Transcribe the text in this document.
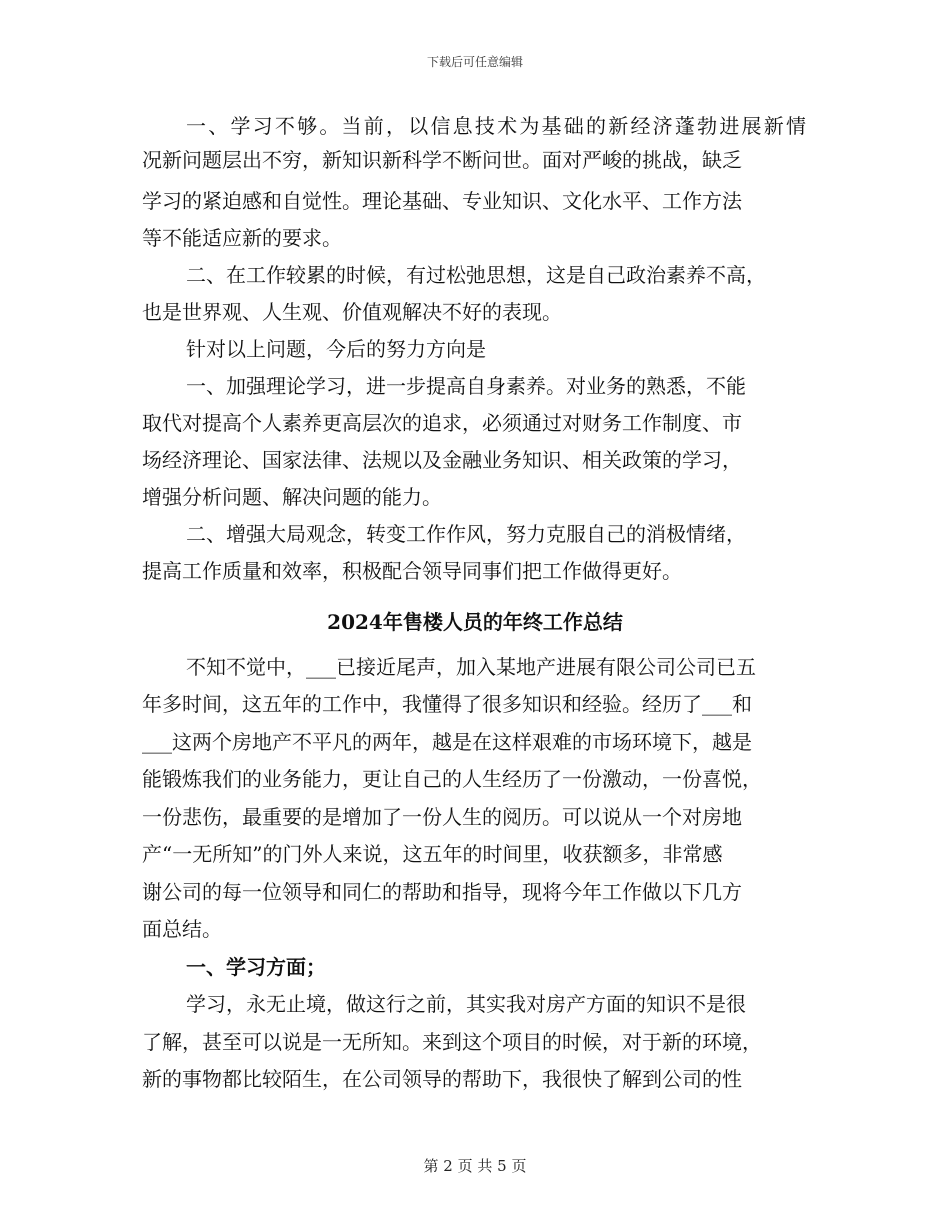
下载后可任意编辑
一、学习不够。当前，以信息技术为基础的新经济蓬勃进展新情
况新问题层出不穷，新知识新科学不断问世。面对严峻的挑战，缺乏
学习的紧迫感和自觉性。理论基础、专业知识、文化水平、工作方法
等不能适应新的要求。
二、在工作较累的时候，有过松弛思想，这是自己政治素养不高，
也是世界观、人生观、价值观解决不好的表现。
针对以上问题，今后的努力方向是
一、加强理论学习，进一步提高自身素养。对业务的熟悉，不能
取代对提高个人素养更高层次的追求，必须通过对财务工作制度、市
场经济理论、国家法律、法规以及金融业务知识、相关政策的学习，
增强分析问题、解决问题的能力。
二、增强大局观念，转变工作作风，努力克服自己的消极情绪，
提高工作质量和效率，积极配合领导同事们把工作做得更好。
2024年售楼人员的年终工作总结
不知不觉中，___已接近尾声，加入某地产进展有限公司公司已五
年多时间，这五年的工作中，我懂得了很多知识和经验。经历了___和
___这两个房地产不平凡的两年，越是在这样艰难的市场环境下，越是
能锻炼我们的业务能力，更让自己的人生经历了一份激动，一份喜悦，
一份悲伤，最重要的是增加了一份人生的阅历。可以说从一个对房地
产“一无所知”的门外人来说，这五年的时间里，收获额多，非常感
谢公司的每一位领导和同仁的帮助和指导，现将今年工作做以下几方
面总结。
一、学习方面；
学习，永无止境，做这行之前，其实我对房产方面的知识不是很
了解，甚至可以说是一无所知。来到这个项目的时候，对于新的环境，
新的事物都比较陌生，在公司领导的帮助下，我很快了解到公司的性
第 2 页 共 5 页
